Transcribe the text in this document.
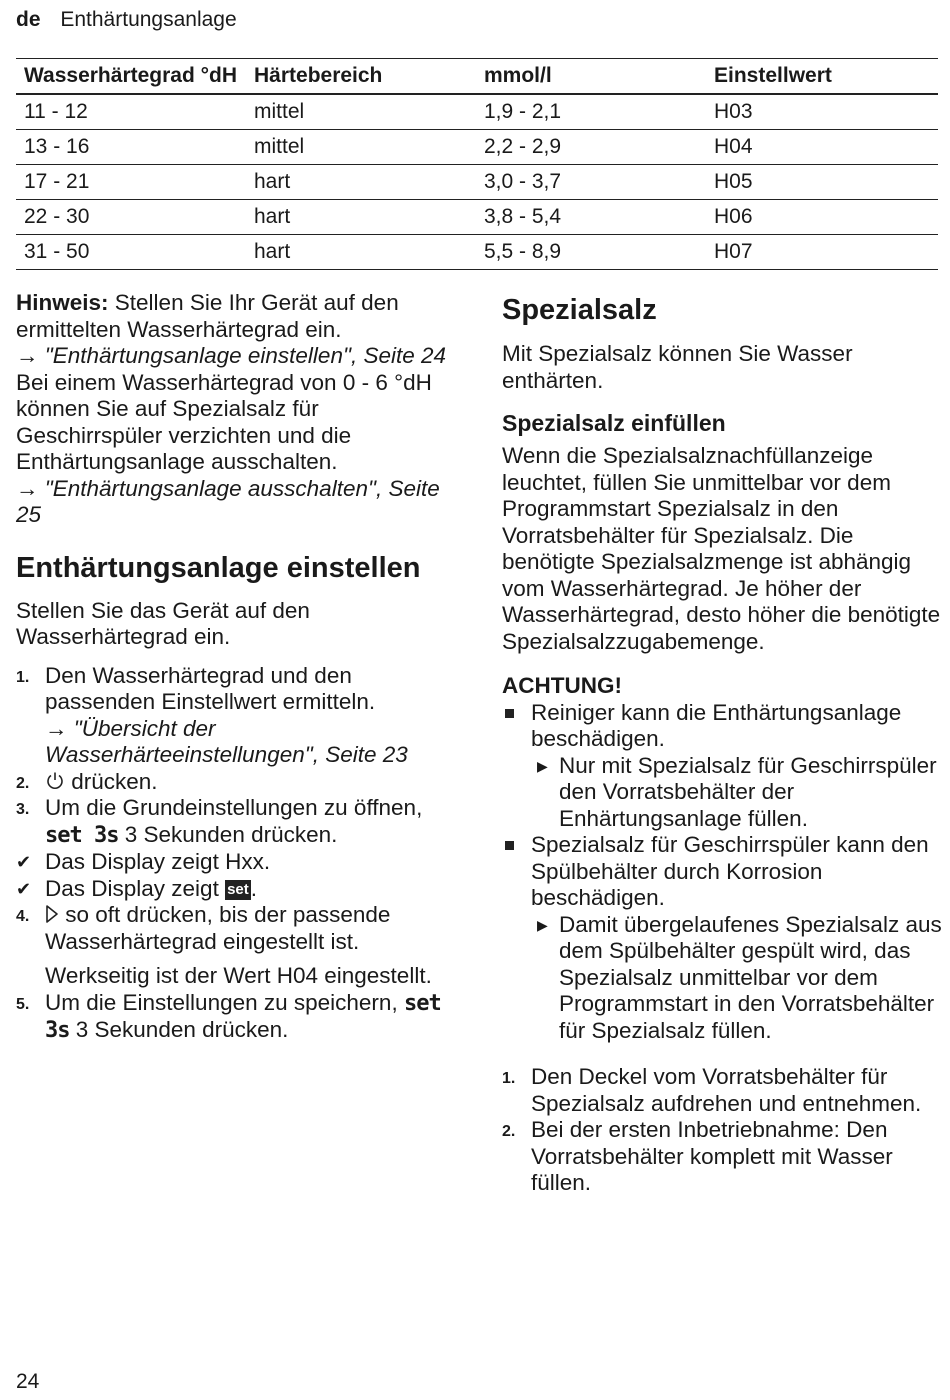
de Enthärtungsanlage
Wasserhärtegrad °dH	Härtebereich	mmol/l	Einstellwert
11 - 12	mittel	1,9 - 2,1	H03
13 - 16	mittel	2,2 - 2,9	H04
17 - 21	hart	3,0 - 3,7	H05
22 - 30	hart	3,8 - 5,4	H06
31 - 50	hart	5,5 - 8,9	H07

Hinweis: Stellen Sie Ihr Gerät auf den ermittelten Wasserhärtegrad ein.

→ "Enthärtungsanlage einstellen", Seite 24

Bei einem Wasserhärtegrad von 0 - 6 °dH können Sie auf Spezialsalz für Geschirrspüler verzichten und die Enthärtungsanlage ausschalten.

→ "Enthärtungsanlage ausschalten", Seite 25

Enthärtungsanlage einstellen

Stellen Sie das Gerät auf den Wasserhärtegrad ein.

1. Den Wasserhärtegrad und den passenden Einstellwert ermitteln.
→ "Übersicht der Wasserhärteeinstellungen", Seite 23
2. drücken.
3. Um die Grundeinstellungen zu öffnen, set 3s 3 Sekunden drücken.
✔ Das Display zeigt Hxx.
✔ Das Display zeigt set.
4. so oft drücken, bis der passende Wasserhärtegrad eingestellt ist.

Werkseitig ist der Wert H04 eingestellt.

5. Um die Einstellungen zu speichern, set 3s 3 Sekunden drücken.
Spezialsalz

Mit Spezialsalz können Sie Wasser enthärten.

Spezialsalz einfüllen

Wenn die Spezialsalznachfüllanzeige leuchtet, füllen Sie unmittelbar vor dem Programmstart Spezialsalz in den Vorratsbehälter für Spezialsalz. Die benötigte Spezialsalzmenge ist abhängig vom Wasserhärtegrad. Je höher der Wasserhärtegrad, desto höher die benötigte Spezialsalzzugabemenge.

ACHTUNG!

Reiniger kann die Enthärtungsanlage beschädigen.
▶ Nur mit Spezialsalz für Geschirrspüler den Vorratsbehälter der Enhärtungsanlage füllen.
Spezialsalz für Geschirrspüler kann den Spülbehälter durch Korrosion beschädigen.
▶ Damit übergelaufenes Spezialsalz aus dem Spülbehälter gespült wird, das Spezialsalz unmittelbar vor dem Programmstart in den Vorratsbehälter für Spezialsalz füllen.
1. Den Deckel vom Vorratsbehälter für Spezialsalz aufdrehen und entnehmen.
2. Bei der ersten Inbetriebnahme: Den Vorratsbehälter komplett mit Wasser füllen.
24
